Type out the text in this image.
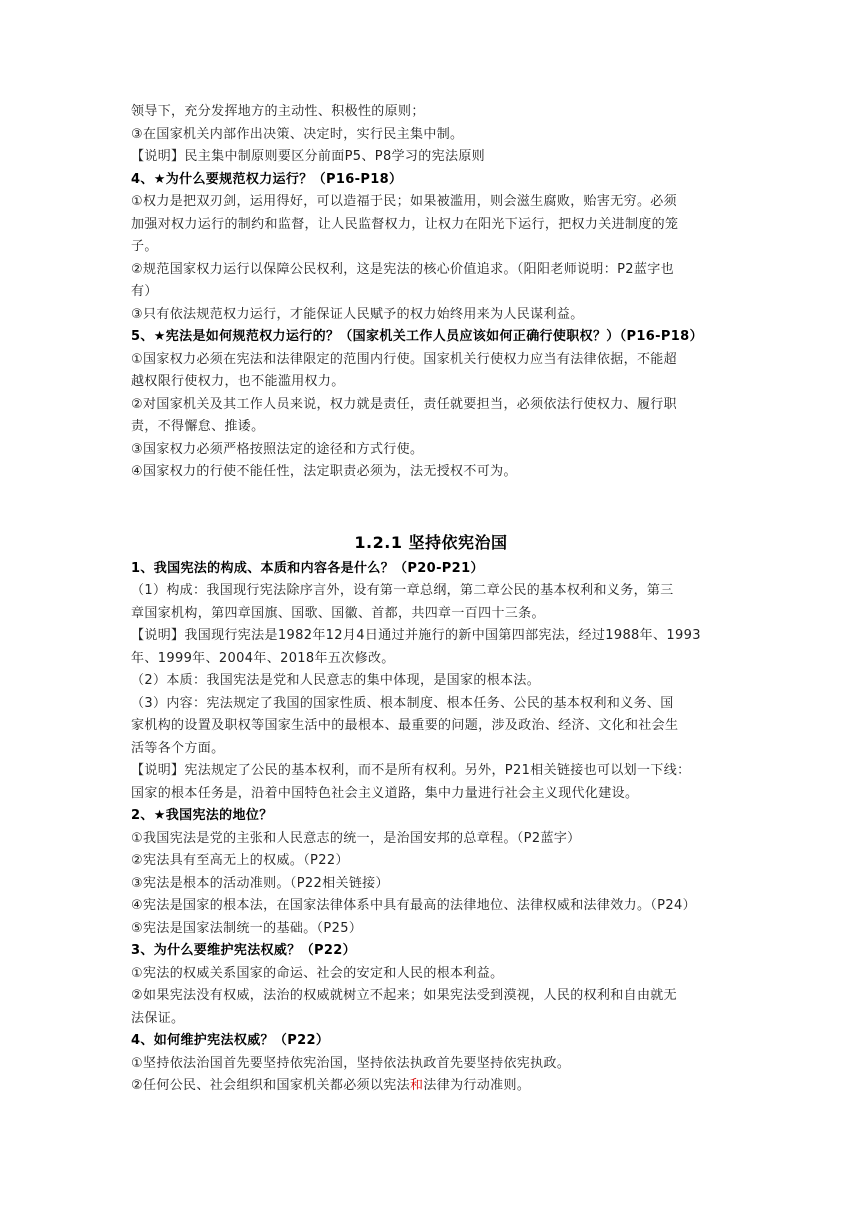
领导下，充分发挥地方的主动性、积极性的原则；
③在国家机关内部作出决策、决定时，实行民主集中制。
【说明】民主集中制原则要区分前面P5、P8学习的宪法原则
4、★为什么要规范权力运行？（P16-P18）
①权力是把双刃剑，运用得好，可以造福于民；如果被滥用，则会滋生腐败，贻害无穷。必须
加强对权力运行的制约和监督，让人民监督权力，让权力在阳光下运行，把权力关进制度的笼
子。
②规范国家权力运行以保障公民权利，这是宪法的核心价值追求。（阳阳老师说明：P2蓝字也
有）
③只有依法规范权力运行，才能保证人民赋予的权力始终用来为人民谋利益。
5、★宪法是如何规范权力运行的？（国家机关工作人员应该如何正确行使职权？）（P16-P18）
①国家权力必须在宪法和法律限定的范围内行使。国家机关行使权力应当有法律依据，不能超
越权限行使权力，也不能滥用权力。
②对国家机关及其工作人员来说，权力就是责任，责任就要担当，必须依法行使权力、履行职
责，不得懈怠、推诿。
③国家权力必须严格按照法定的途径和方式行使。
④国家权力的行使不能任性，法定职责必须为，法无授权不可为。
1.2.1 坚持依宪治国
1、我国宪法的构成、本质和内容各是什么？（P20-P21）
（1）构成：我国现行宪法除序言外，设有第一章总纲，第二章公民的基本权利和义务，第三
章国家机构，第四章国旗、国歌、国徽、首都，共四章一百四十三条。
【说明】我国现行宪法是1982年12月4日通过并施行的新中国第四部宪法，经过1988年、1993
年、1999年、2004年、2018年五次修改。
（2）本质：我国宪法是党和人民意志的集中体现，是国家的根本法。
（3）内容：宪法规定了我国的国家性质、根本制度、根本任务、公民的基本权利和义务、国
家机构的设置及职权等国家生活中的最根本、最重要的问题，涉及政治、经济、文化和社会生
活等各个方面。
【说明】宪法规定了公民的基本权利，而不是所有权利。另外，P21相关链接也可以划一下线：
国家的根本任务是，沿着中国特色社会主义道路，集中力量进行社会主义现代化建设。
2、★我国宪法的地位？
①我国宪法是党的主张和人民意志的统一，是治国安邦的总章程。（P2蓝字）
②宪法具有至高无上的权威。（P22）
③宪法是根本的活动准则。（P22相关链接）
④宪法是国家的根本法，在国家法律体系中具有最高的法律地位、法律权威和法律效力。（P24）
⑤宪法是国家法制统一的基础。（P25）
3、为什么要维护宪法权威？（P22）
①宪法的权威关系国家的命运、社会的安定和人民的根本利益。
②如果宪法没有权威，法治的权威就树立不起来；如果宪法受到漠视，人民的权利和自由就无
法保证。
4、如何维护宪法权威？（P22）
①坚持依法治国首先要坚持依宪治国，坚持依法执政首先要坚持依宪执政。
②任何公民、社会组织和国家机关都必须以宪法和法律为行动准则。
